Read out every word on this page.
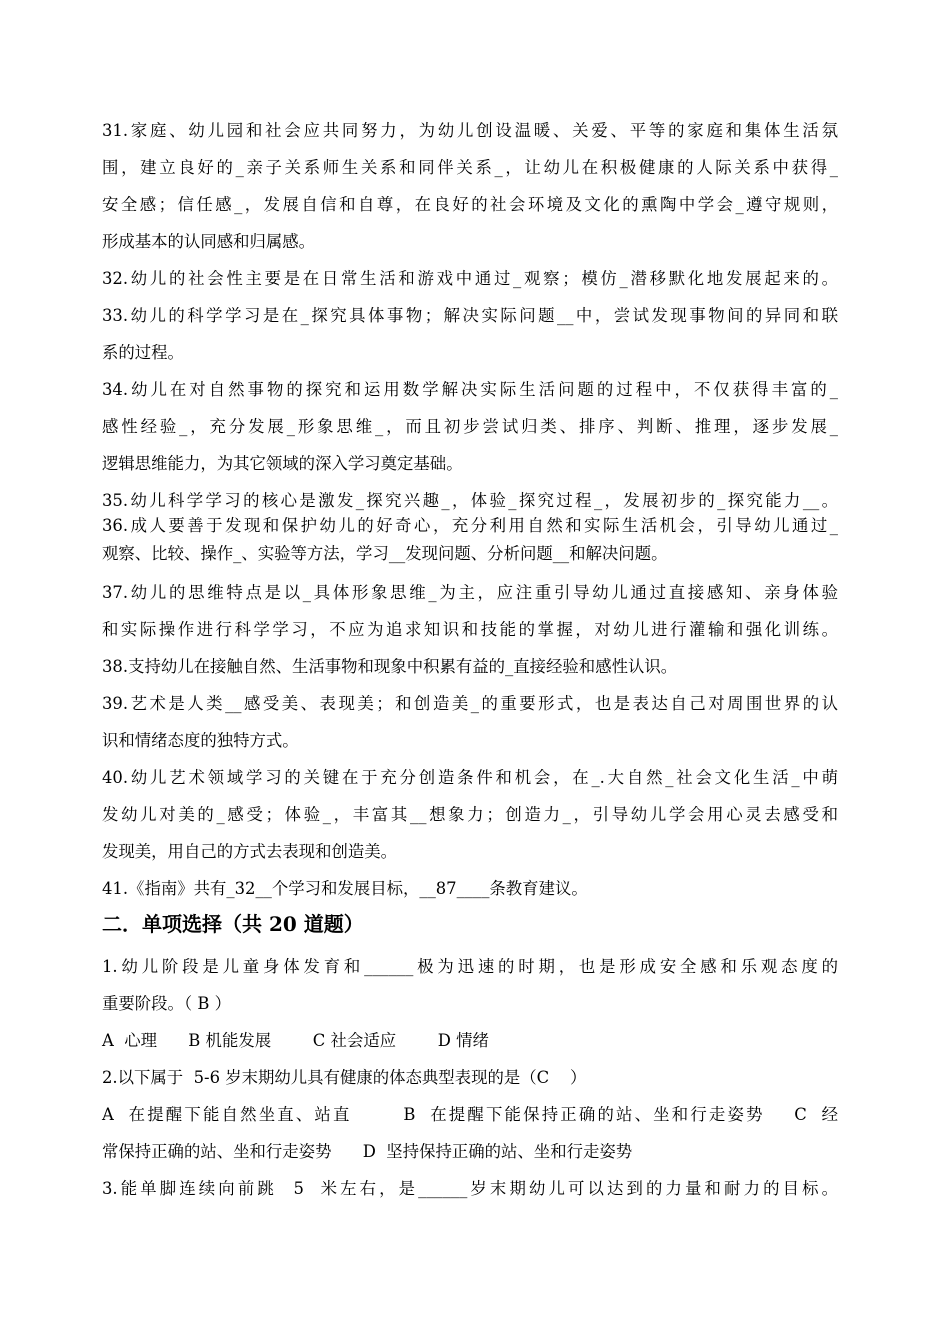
31.家庭、幼儿园和社会应共同努力，为幼儿创设温暖、关爱、平等的家庭和集体生活氛
围，建立良好的_亲子关系师生关系和同伴关系_，让幼儿在积极健康的人际关系中获得_
安全感；信任感_，发展自信和自尊，在良好的社会环境及文化的熏陶中学会_遵守规则，
形成基本的认同感和归属感。
32.幼儿的社会性主要是在日常生活和游戏中通过_观察；模仿_潜移默化地发展起来的。
33.幼儿的科学学习是在_探究具体事物；解决实际问题__中，尝试发现事物间的异同和联
系的过程。
34.幼儿在对自然事物的探究和运用数学解决实际生活问题的过程中，不仅获得丰富的_
感性经验_，充分发展_形象思维_，而且初步尝试归类、排序、判断、推理，逐步发展_
逻辑思维能力，为其它领域的深入学习奠定基础。
35.幼儿科学学习的核心是激发_探究兴趣_，体验_探究过程_，发展初步的_探究能力__。
36.成人要善于发现和保护幼儿的好奇心，充分利用自然和实际生活机会，引导幼儿通过_
观察、比较、操作_、实验等方法，学习__发现问题、分析问题__和解决问题。
37.幼儿的思维特点是以_具体形象思维_为主，应注重引导幼儿通过直接感知、亲身体验
和实际操作进行科学学习，不应为追求知识和技能的掌握，对幼儿进行灌输和强化训练。
38.支持幼儿在接触自然、生活事物和现象中积累有益的_直接经验和感性认识。
39.艺术是人类__感受美、表现美；和创造美_的重要形式，也是表达自己对周围世界的认
识和情绪态度的独特方式。
40.幼儿艺术领域学习的关键在于充分创造条件和机会，在_.大自然_社会文化生活_中萌
发幼儿对美的_感受；体验_，丰富其__想象力；创造力_，引导幼儿学会用心灵去感受和
发现美，用自己的方式去表现和创造美。
41.《指南》共有_32__个学习和发展目标，__87____条教育建议。
二．单项选择（共 20 道题）
1.幼儿阶段是儿童身体发育和______极为迅速的时期，也是形成安全感和乐观态度的
重要阶段。（ B ）
A  心理      B 机能发展        C 社会适应        D 情绪
2.以下属于  5-6 岁末期幼儿具有健康的体态典型表现的是（C    ）
A  在提醒下能自然坐直、站直       B  在提醒下能保持正确的站、坐和行走姿势    C  经
常保持正确的站、坐和行走姿势      D  坚持保持正确的站、坐和行走姿势
3.能单脚连续向前跳  5  米左右，是______岁末期幼儿可以达到的力量和耐力的目标。
